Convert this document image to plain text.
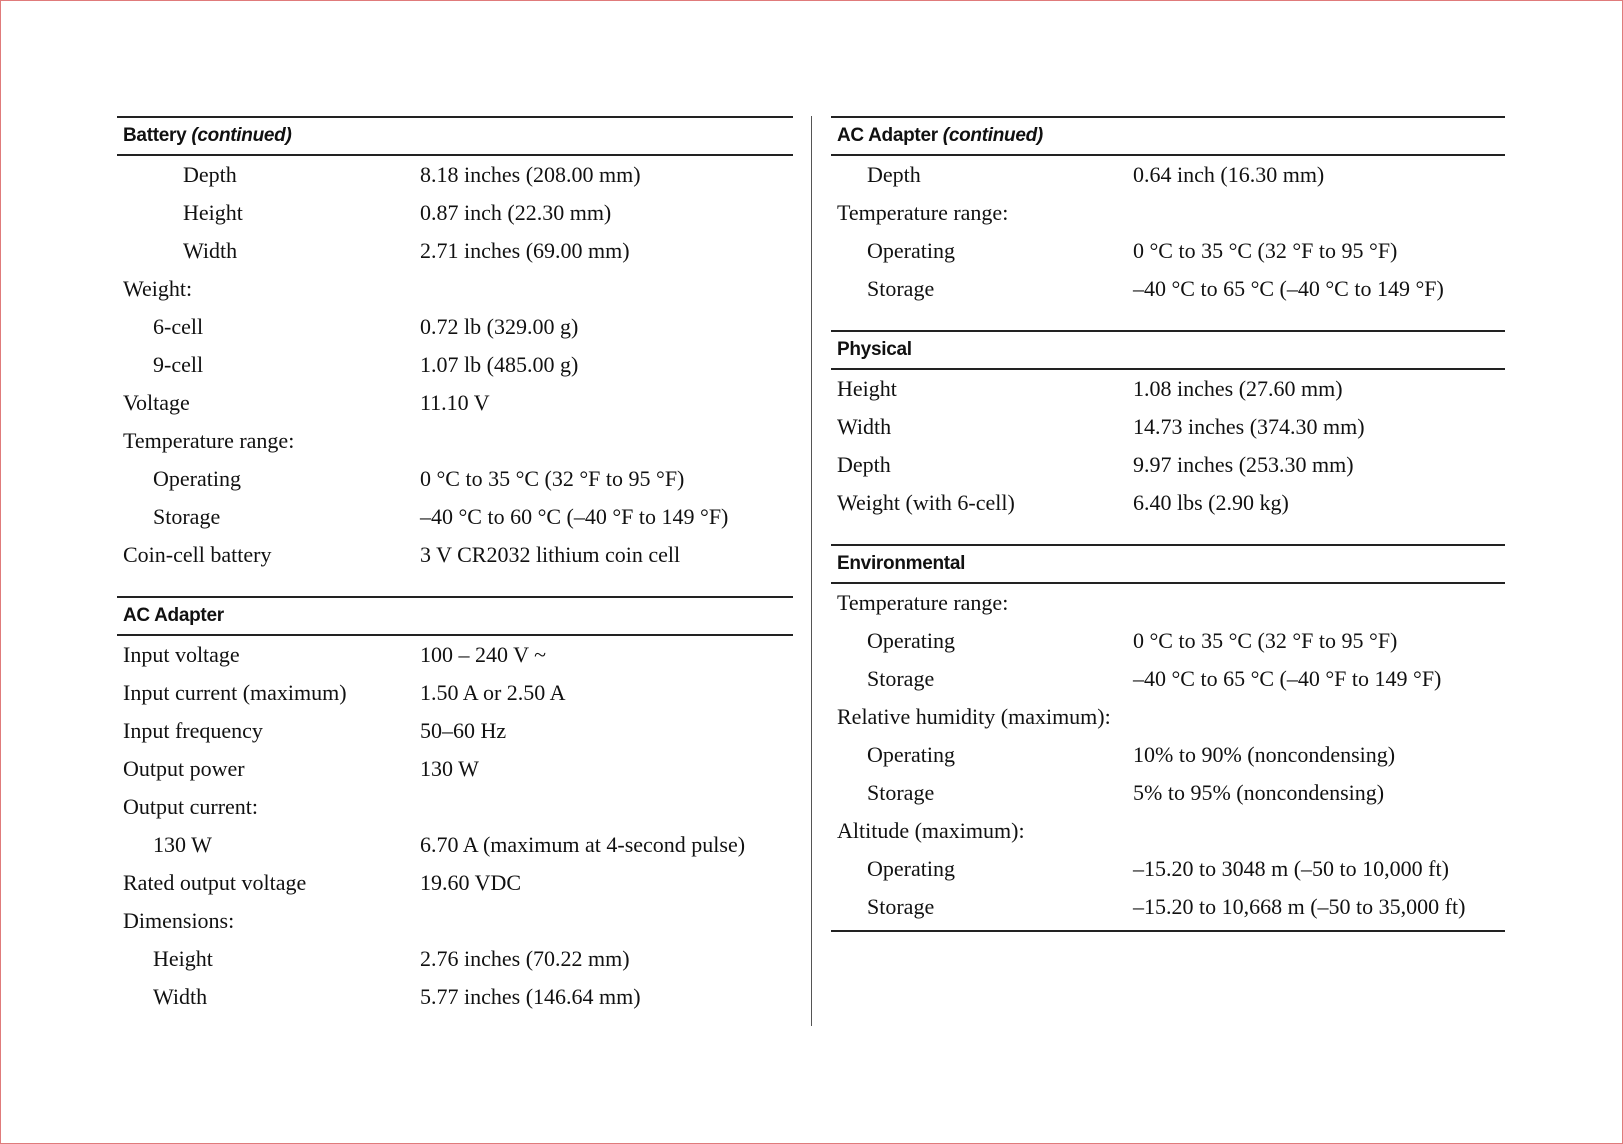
Battery (continued)
Depth	8.18 inches (208.00 mm)
Height	0.87 inch (22.30 mm)
Width	2.71 inches (69.00 mm)
Weight:
6-cell	0.72 lb (329.00 g)
9-cell	1.07 lb (485.00 g)
Voltage	11.10 V
Temperature range:
Operating	0 °C to 35 °C (32 °F to 95 °F)
Storage	–40 °C to 60 °C (–40 °F to 149 °F)
Coin-cell battery	3 V CR2032 lithium coin cell
AC Adapter
Input voltage	100 – 240 V ~
Input current (maximum)	1.50 A or 2.50 A
Input frequency	50–60 Hz
Output power	130 W
Output current:
130 W	6.70 A (maximum at 4-second pulse)
Rated output voltage	19.60 VDC
Dimensions:
Height	2.76 inches (70.22 mm)
Width	5.77 inches (146.64 mm)
AC Adapter (continued)
Depth	0.64 inch (16.30 mm)
Temperature range:
Operating	0 °C to 35 °C (32 °F to 95 °F)
Storage	–40 °C to 65 °C (–40 °C to 149 °F)
Physical
Height	1.08 inches (27.60 mm)
Width	14.73 inches (374.30 mm)
Depth	9.97 inches (253.30 mm)
Weight (with 6-cell)	6.40 lbs (2.90 kg)
Environmental
Temperature range:
Operating	0 °C to 35 °C (32 °F to 95 °F)
Storage	–40 °C to 65 °C (–40 °F to 149 °F)
Relative humidity (maximum):
Operating	10% to 90% (noncondensing)
Storage	5% to 95% (noncondensing)
Altitude (maximum):
Operating	–15.20 to 3048 m (–50 to 10,000 ft)
Storage	–15.20 to 10,668 m (–50 to 35,000 ft)
